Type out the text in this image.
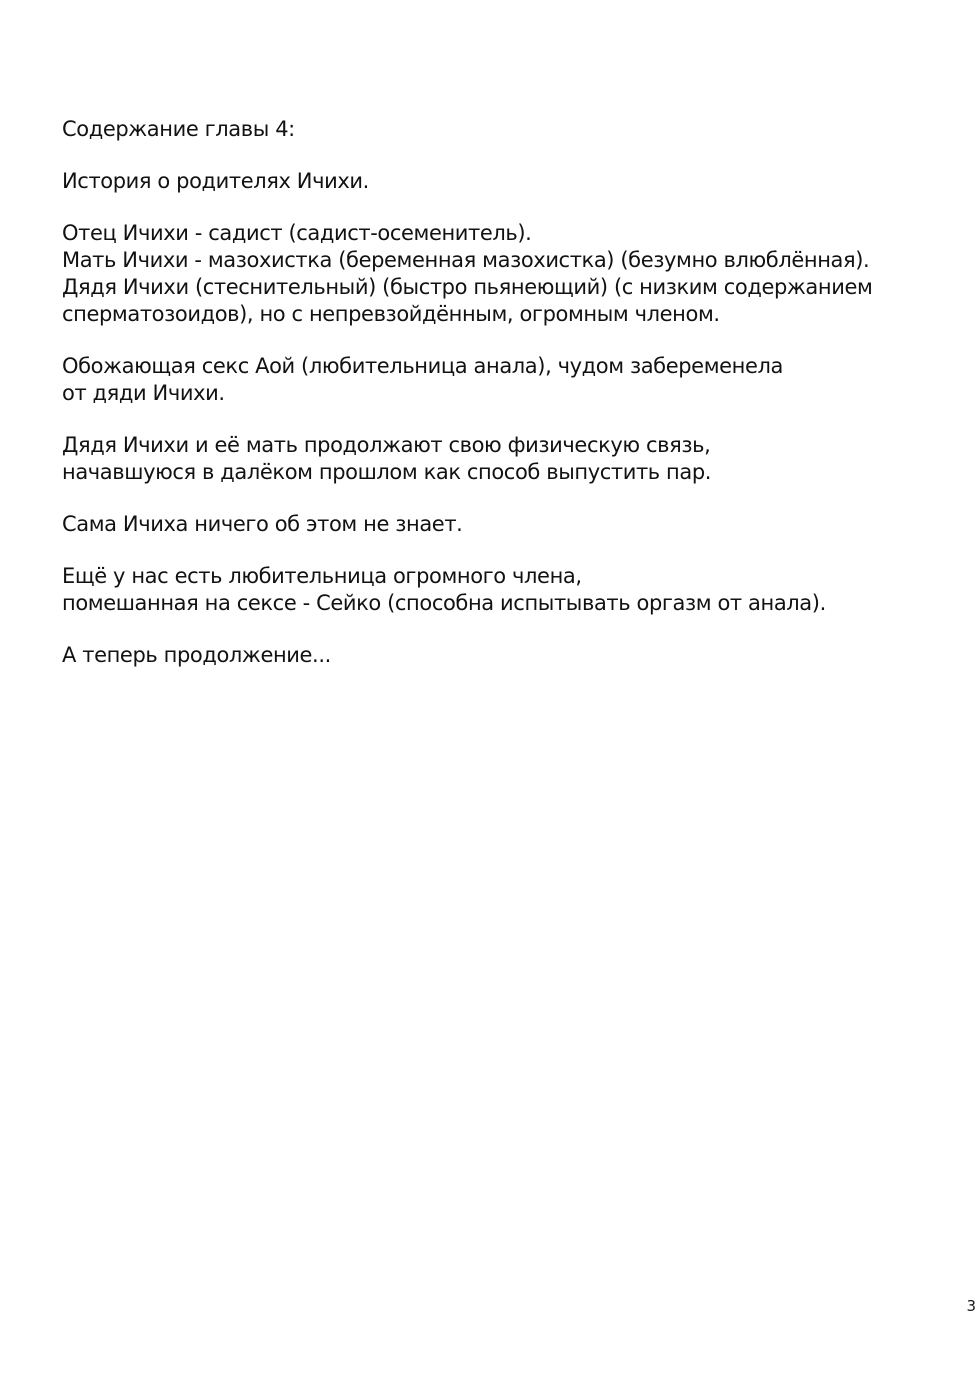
Содержание главы 4:
История о родителях Ичихи.
Отец Ичихи - садист (садист-осеменитель).
Мать Ичихи - мазохистка (беременная мазохистка) (безумно влюблённая).
Дядя Ичихи (стеснительный) (быстро пьянеющий) (с низким содержанием
сперматозоидов), но с непревзойдённым, огромным членом.
Обожающая секс Аой (любительница анала), чудом забеременела
от дяди Ичихи.
Дядя Ичихи и её мать продолжают свою физическую связь,
начавшуюся в далёком прошлом как способ выпустить пар.
Сама Ичиха ничего об этом не знает.
Ещё у нас есть любительница огромного члена,
помешанная на сексе - Сейко (способна испытывать оргазм от анала).
А теперь продолжение...
3
